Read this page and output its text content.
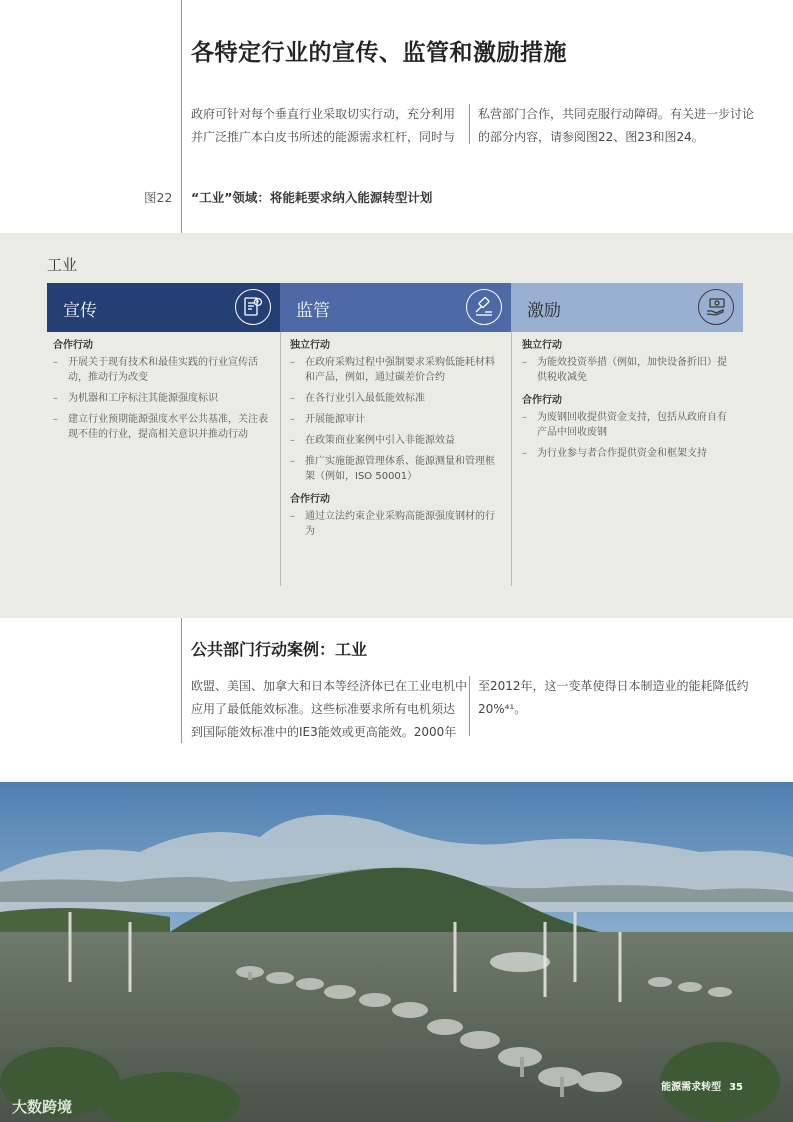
各特定行业的宣传、监管和激励措施
政府可针对每个垂直行业采取切实行动，充分利用
并广泛推广本白皮书所述的能源需求杠杆，同时与
私营部门合作，共同克服行动障碍。有关进一步讨论
的部分内容，请参阅图22、图23和图24。
图22 “工业”领域：将能耗要求纳入能源转型计划
工业
宣传	监管	激励
合作行动
– 开展关于现有技术和最佳实践的行业宣传活动，推动行为改变
– 为机器和工序标注其能源强度标识
– 建立行业预期能源强度水平公共基准，关注表现不佳的行业，提高相关意识并推动行动
独立行动
– 在政府采购过程中强制要求采购低能耗材料和产品，例如，通过碳差价合约
– 在各行业引入最低能效标准
– 开展能源审计
– 在政策商业案例中引入非能源效益
– 推广实施能源管理体系、能源测量和管理框架（例如，ISO 50001）
合作行动
– 通过立法约束企业采购高能源强度钢材的行为
独立行动
– 为能效投资举措（例如，加快设备折旧）提供税收减免
合作行动
– 为废钢回收提供资金支持，包括从政府自有产品中回收废钢
– 为行业参与者合作提供资金和框架支持
公共部门行动案例：工业
欧盟、美国、加拿大和日本等经济体已在工业电机中
应用了最低能效标准。这些标准要求所有电机须达
到国际能效标准中的IE3能效或更高能效。2000年
至2012年，这一变革使得日本制造业的能耗降低约
20%⁴¹。
能源需求转型 35
大数跨境
